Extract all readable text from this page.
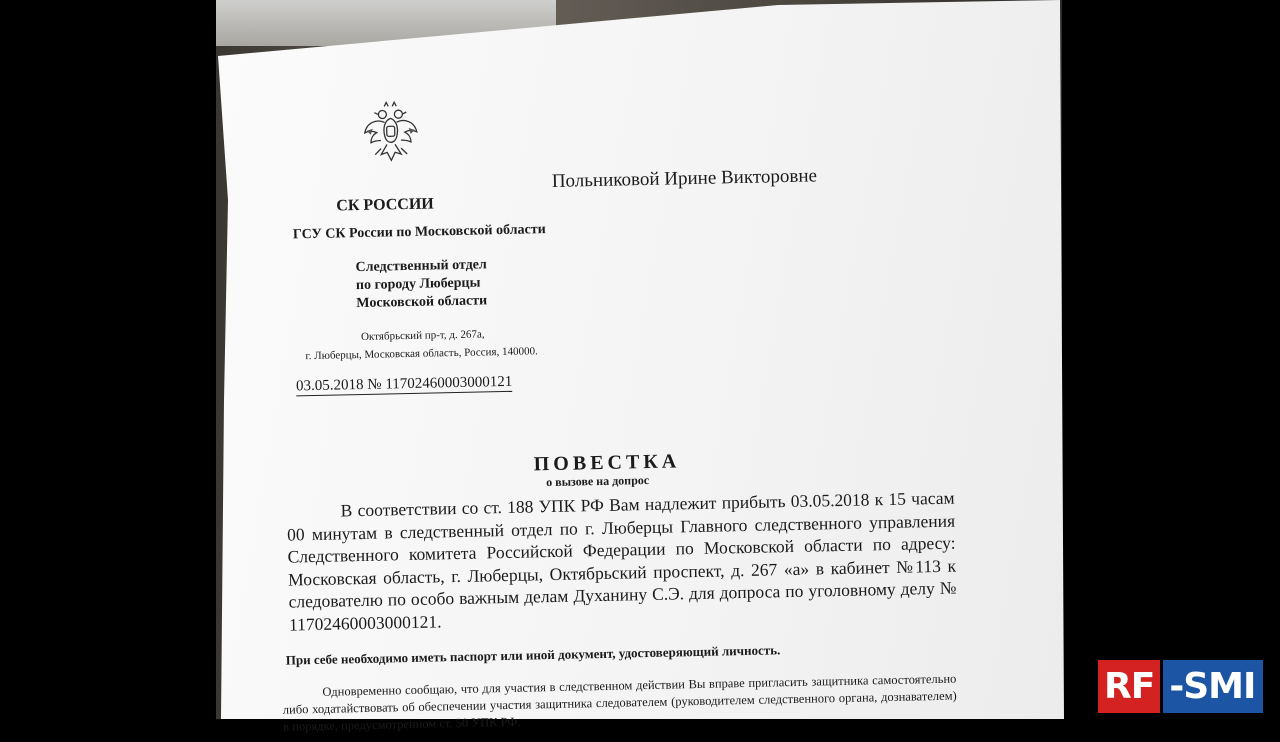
СК РОССИИ
ГСУ СК России по Московской области
Следственный отдел
по городу Люберцы
Московской области
Октябрьский пр-т, д. 267а,
г. Люберцы, Московская область, Россия, 140000.
03.05.2018 № 11702460003000121
Польниковой Ирине Викторовне
ПОВЕСТКА
о вызове на допрос
В соответствии со ст. 188 УПК РФ Вам надлежит прибыть 03.05.2018 к 15 часам 00 минутам в следственный отдел по г. Люберцы Главного следственного управления Следственного комитета Российской Федерации по Московской области по адресу: Московская область, г. Люберцы, Октябрьский проспект, д. 267 «а» в кабинет №113 к следователю по особо важным делам Духанину С.Э. для допроса по уголовному делу № 11702460003000121.
При себе необходимо иметь паспорт или иной документ, удостоверяющий личность.
Одновременно сообщаю, что для участия в следственном действии Вы вправе пригласить защитника самостоятельно либо ходатайствовать об обеспечении участия защитника следователем (руководителем следственного органа, дознавателем) в порядке, предусмотренном ст. 50 УПК РФ.
RF -SMI
